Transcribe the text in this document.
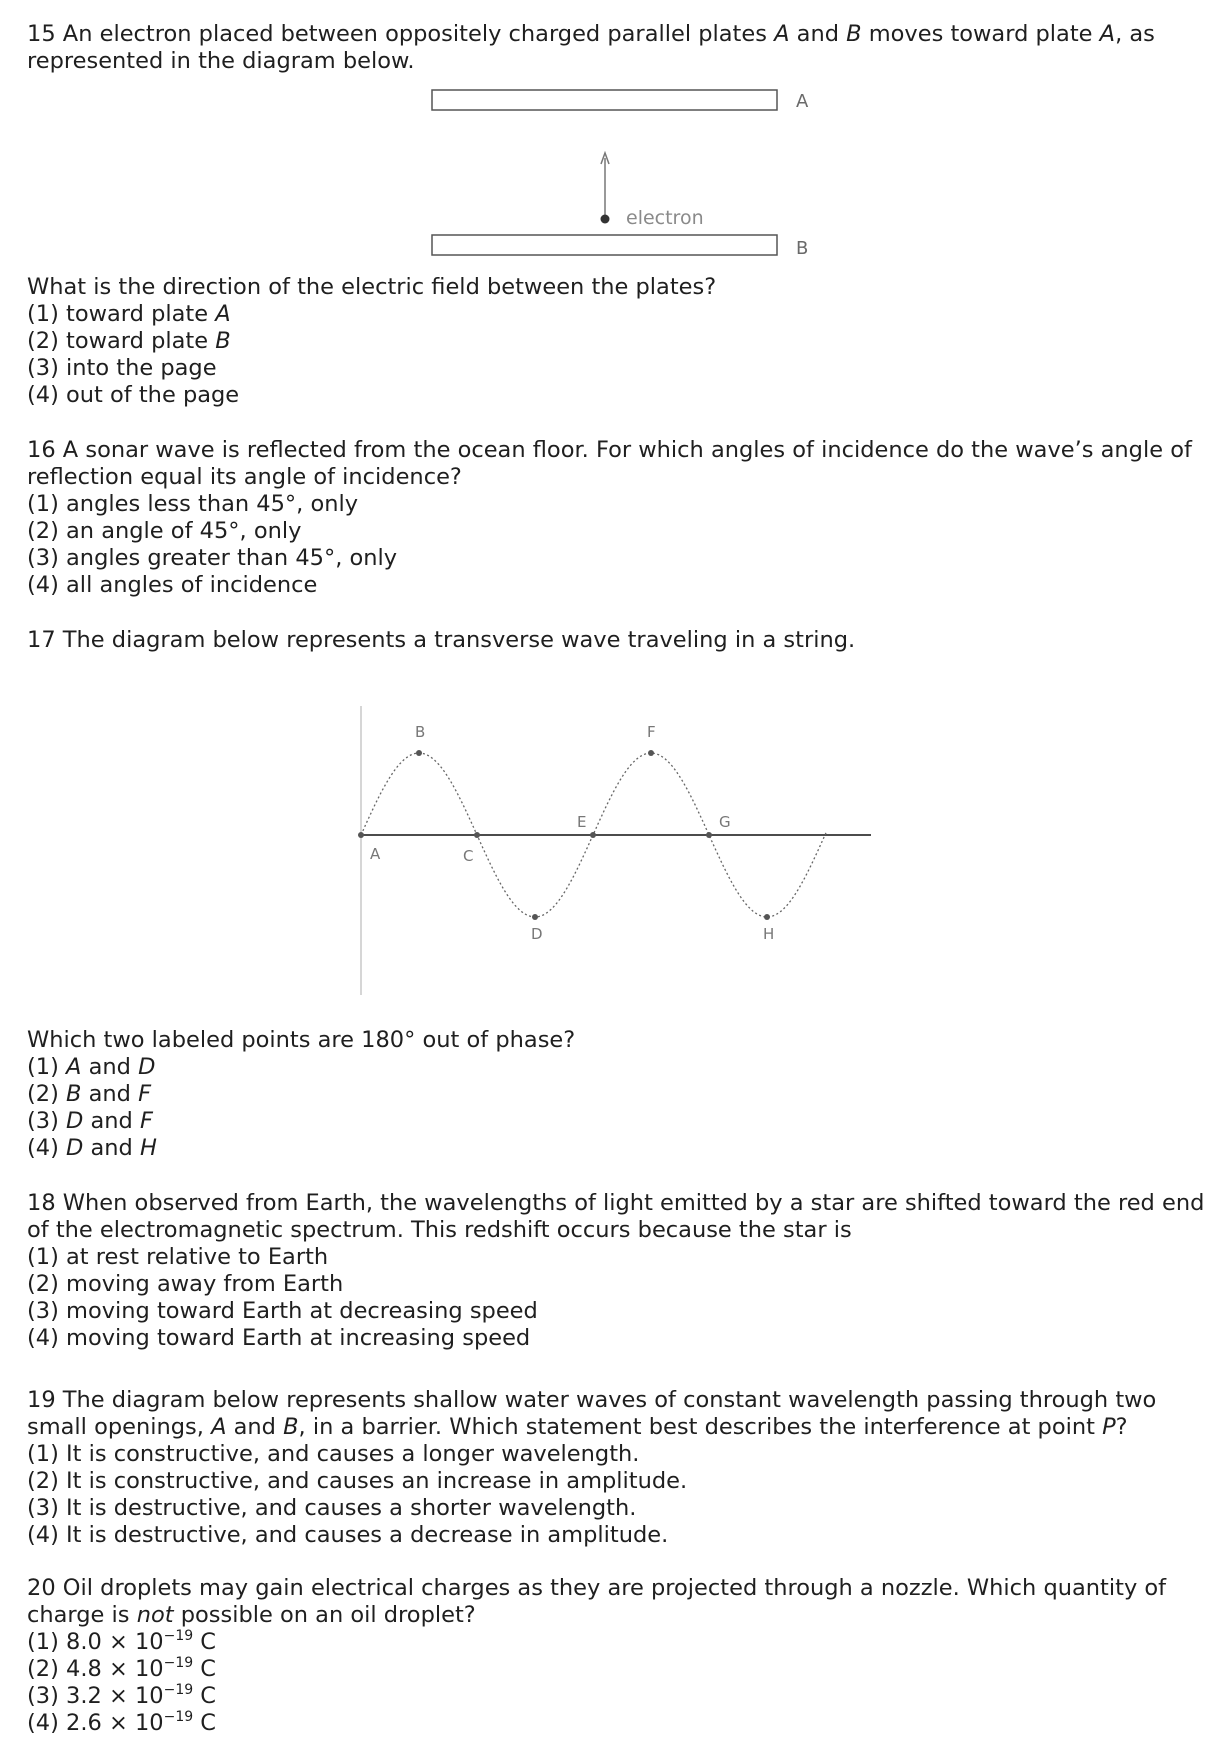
15 An electron placed between oppositely charged parallel plates A and B moves toward plate A, as represented in the diagram below.

A
electron
B

What is the direction of the electric field between the plates?

(1) toward plate A
(2) toward plate B
(3) into the page
(4) out of the page

16 A sonar wave is reflected from the ocean floor. For which angles of incidence do the wave’s angle of reflection equal its angle of incidence?

(1) angles less than 45°, only
(2) an angle of 45°, only
(3) angles greater than 45°, only
(4) all angles of incidence

17 The diagram below represents a transverse wave traveling in a string.

A
B
C
D
E
F
G
H

Which two labeled points are 180° out of phase?

(1) A and D
(2) B and F
(3) D and F
(4) D and H

18 When observed from Earth, the wavelengths of light emitted by a star are shifted toward the red end of the electromagnetic spectrum. This redshift occurs because the star is

(1) at rest relative to Earth
(2) moving away from Earth
(3) moving toward Earth at decreasing speed
(4) moving toward Earth at increasing speed

19 The diagram below represents shallow water waves of constant wavelength passing through two small openings, A and B, in a barrier. Which statement best describes the interference at point P?

(1) It is constructive, and causes a longer wavelength.
(2) It is constructive, and causes an increase in amplitude.
(3) It is destructive, and causes a shorter wavelength.
(4) It is destructive, and causes a decrease in amplitude.

20 Oil droplets may gain electrical charges as they are projected through a nozzle. Which quantity of charge is not possible on an oil droplet?

(1) $8.0 \times 10^{-19}$ C
(2) $4.8 \times 10^{-19}$ C
(3) $3.2 \times 10^{-19}$ C
(4) $2.6 \times 10^{-19}$ C
